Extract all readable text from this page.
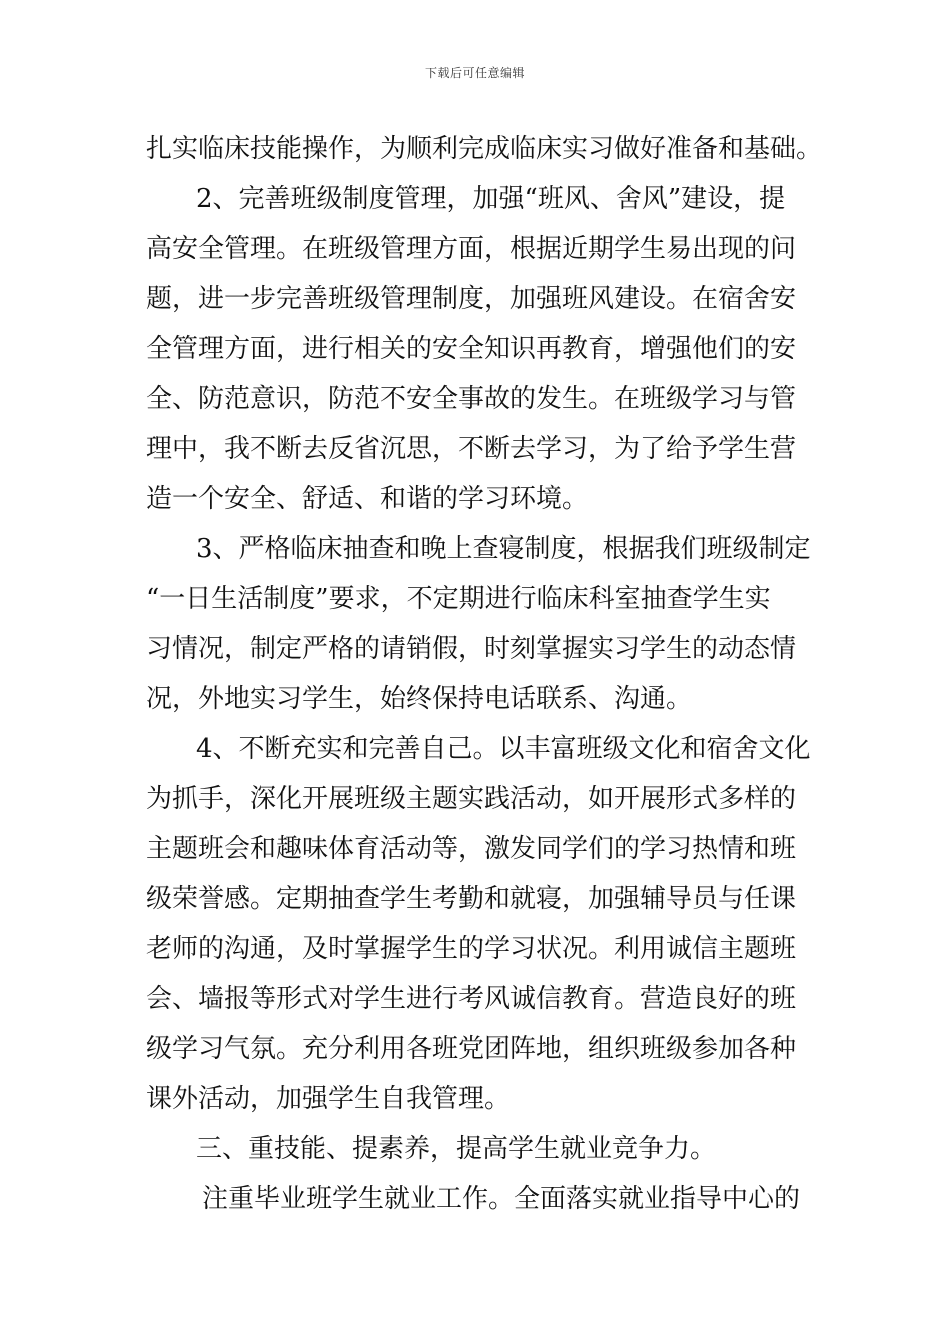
下载后可任意编辑
扎实临床技能操作，为顺利完成临床实习做好准备和基础。
2、完善班级制度管理，加强“班风、舍风”建设，提
高安全管理。在班级管理方面，根据近期学生易出现的问
题，进一步完善班级管理制度，加强班风建设。在宿舍安
全管理方面，进行相关的安全知识再教育，增强他们的安
全、防范意识，防范不安全事故的发生。在班级学习与管
理中，我不断去反省沉思，不断去学习，为了给予学生营
造一个安全、舒适、和谐的学习环境。
3、严格临床抽查和晚上查寝制度，根据我们班级制定
“一日生活制度”要求，不定期进行临床科室抽查学生实
习情况，制定严格的请销假，时刻掌握实习学生的动态情
况，外地实习学生，始终保持电话联系、沟通。
4、不断充实和完善自己。以丰富班级文化和宿舍文化
为抓手，深化开展班级主题实践活动，如开展形式多样的
主题班会和趣味体育活动等，激发同学们的学习热情和班
级荣誉感。定期抽查学生考勤和就寝，加强辅导员与任课
老师的沟通，及时掌握学生的学习状况。利用诚信主题班
会、墙报等形式对学生进行考风诚信教育。营造良好的班
级学习气氛。充分利用各班党团阵地，组织班级参加各种
课外活动，加强学生自我管理。
三、重技能、提素养，提高学生就业竞争力。
注重毕业班学生就业工作。全面落实就业指导中心的
